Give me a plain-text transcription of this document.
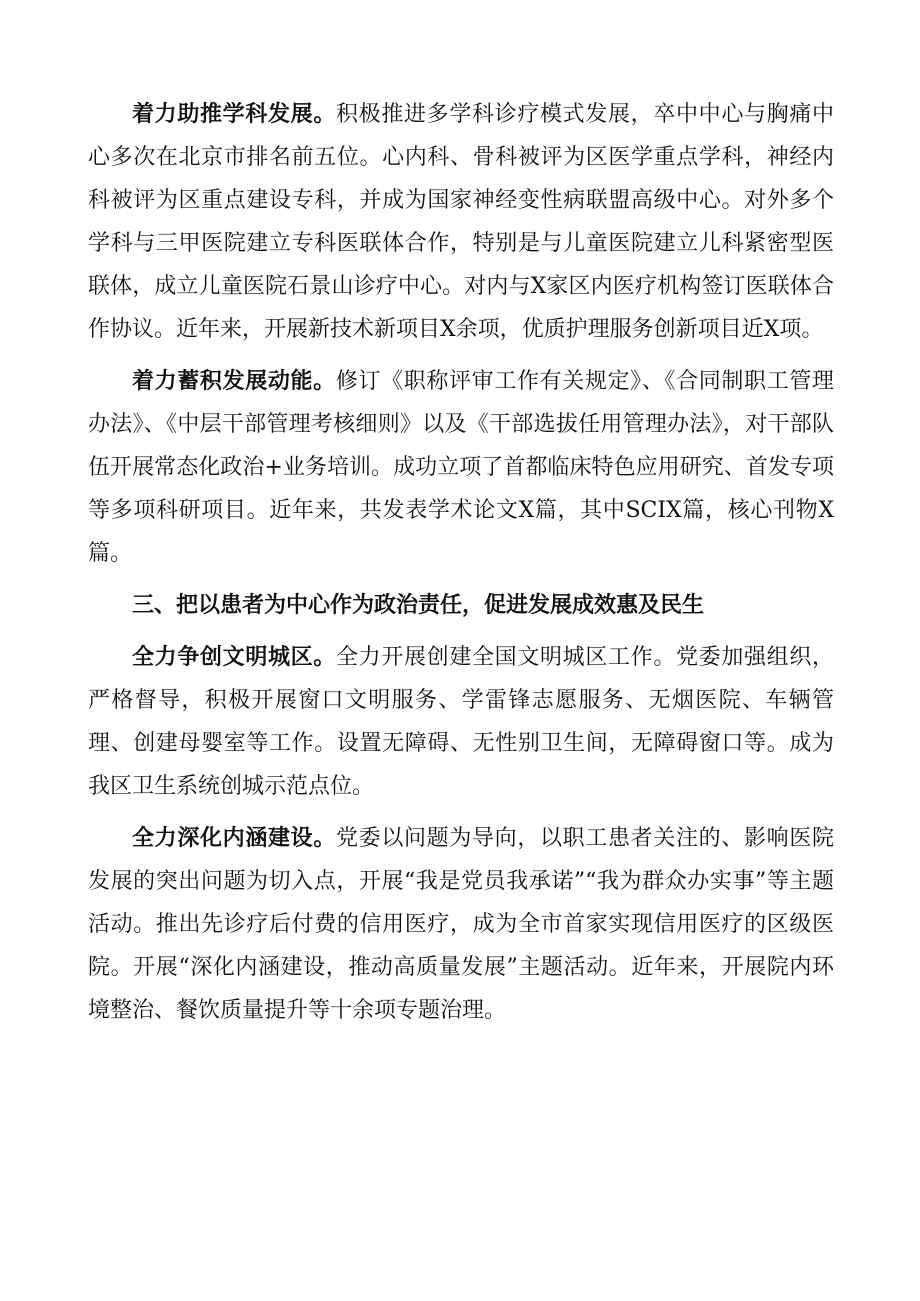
着力助推学科发展。积极推进多学科诊疗模式发展，卒中中心与胸痛中心多次在北京市排名前五位。心内科、骨科被评为区医学重点学科，神经内科被评为区重点建设专科，并成为国家神经变性病联盟高级中心。对外多个学科与三甲医院建立专科医联体合作，特别是与儿童医院建立儿科紧密型医联体，成立儿童医院石景山诊疗中心。对内与X家区内医疗机构签订医联体合作协议。近年来，开展新技术新项目X余项，优质护理服务创新项目近X项。

着力蓄积发展动能。修订《职称评审工作有关规定》、《合同制职工管理办法》、《中层干部管理考核细则》以及《干部选拔任用管理办法》，对干部队伍开展常态化政治+业务培训。成功立项了首都临床特色应用研究、首发专项等多项科研项目。近年来，共发表学术论文X篇，其中SCIX篇，核心刊物X篇。

三、把以患者为中心作为政治责任，促进发展成效惠及民生

全力争创文明城区。全力开展创建全国文明城区工作。党委加强组织，严格督导，积极开展窗口文明服务、学雷锋志愿服务、无烟医院、车辆管理、创建母婴室等工作。设置无障碍、无性别卫生间，无障碍窗口等。成为我区卫生系统创城示范点位。

全力深化内涵建设。党委以问题为导向，以职工患者关注的、影响医院发展的突出问题为切入点，开展“我是党员我承诺”“我为群众办实事”等主题活动。推出先诊疗后付费的信用医疗，成为全市首家实现信用医疗的区级医院。开展“深化内涵建设，推动高质量发展”主题活动。近年来，开展院内环境整治、餐饮质量提升等十余项专题治理。
